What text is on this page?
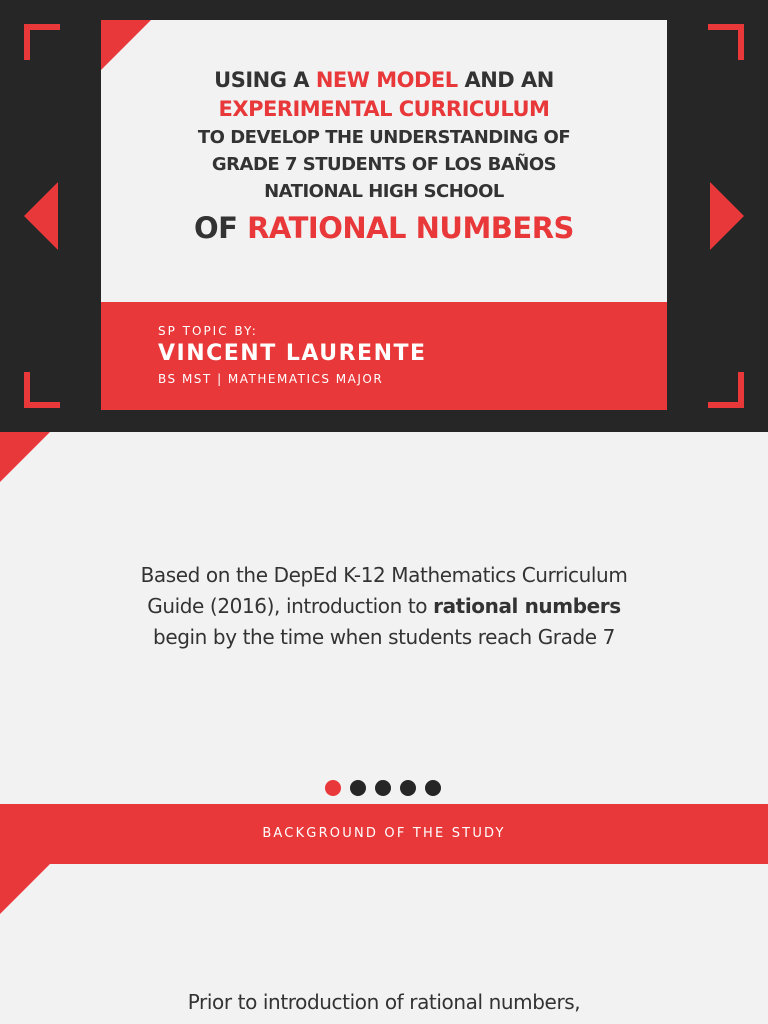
USING A NEW MODEL AND AN
EXPERIMENTAL CURRICULUM
TO DEVELOP THE UNDERSTANDING OF
GRADE 7 STUDENTS OF LOS BAÑOS
NATIONAL HIGH SCHOOL
OF RATIONAL NUMBERS
SP TOPIC BY:
VINCENT LAURENTE
BS MST | MATHEMATICS MAJOR

Based on the DepEd K-12 Mathematics Curriculum Guide (2016), introduction to rational numbers begin by the time when students reach Grade 7

BACKGROUND OF THE STUDY

Prior to introduction of rational numbers,
